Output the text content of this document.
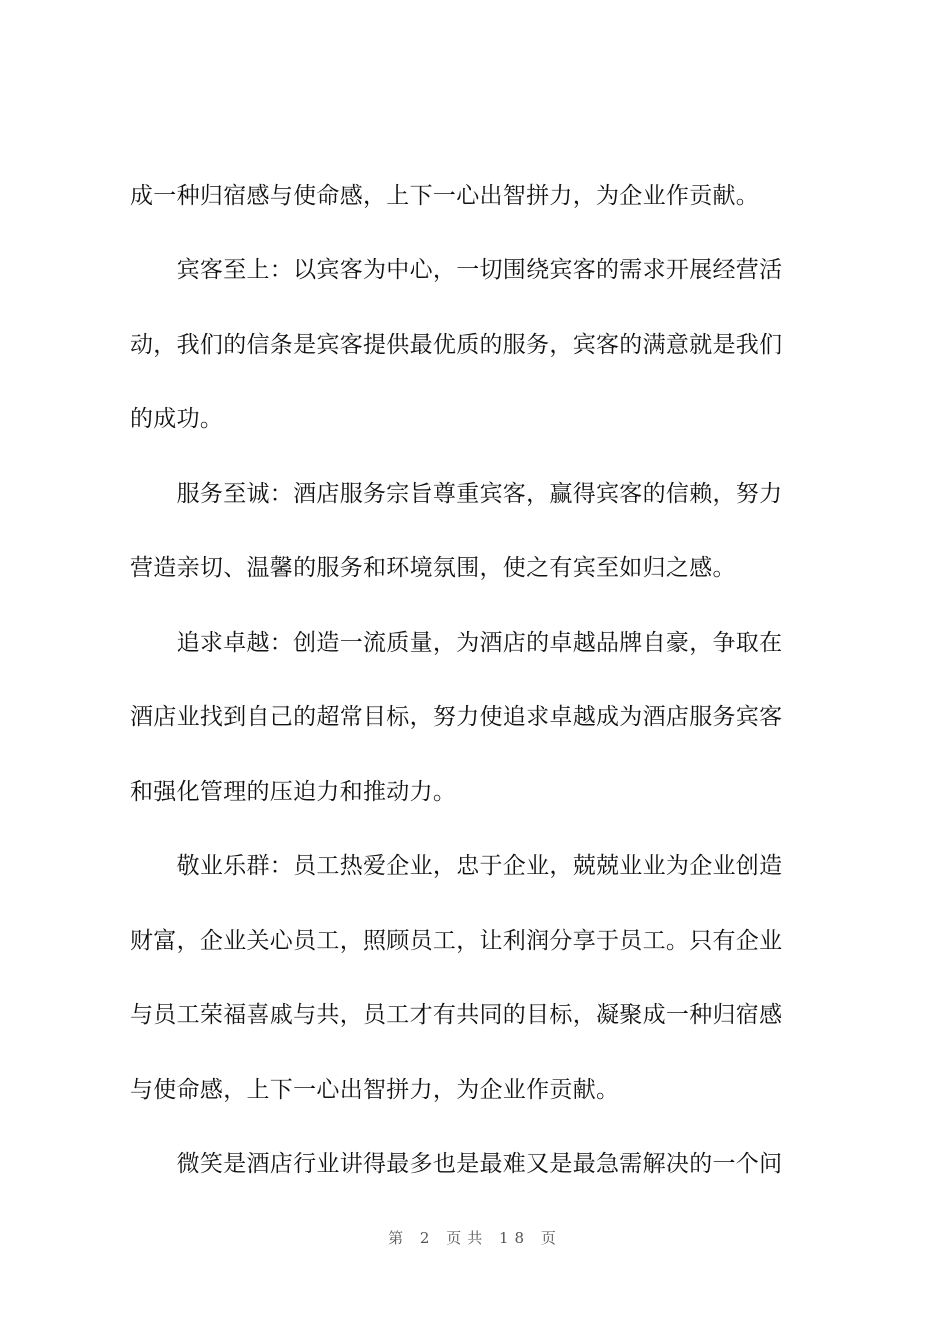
成一种归宿感与使命感，上下一心出智拼力，为企业作贡献。
　　宾客至上：以宾客为中心，一切围绕宾客的需求开展经营活
动，我们的信条是宾客提供最优质的服务，宾客的满意就是我们
的成功。
　　服务至诚：酒店服务宗旨尊重宾客，赢得宾客的信赖，努力
营造亲切、温馨的服务和环境氛围，使之有宾至如归之感。
　　追求卓越：创造一流质量，为酒店的卓越品牌自豪，争取在
酒店业找到自己的超常目标，努力使追求卓越成为酒店服务宾客
和强化管理的压迫力和推动力。
　　敬业乐群：员工热爱企业，忠于企业，兢兢业业为企业创造
财富，企业关心员工，照顾员工，让利润分享于员工。只有企业
与员工荣福喜戚与共，员工才有共同的目标，凝聚成一种归宿感
与使命感，上下一心出智拼力，为企业作贡献。
　　微笑是酒店行业讲得最多也是最难又是最急需解决的一个问
第 2 页共 18 页
